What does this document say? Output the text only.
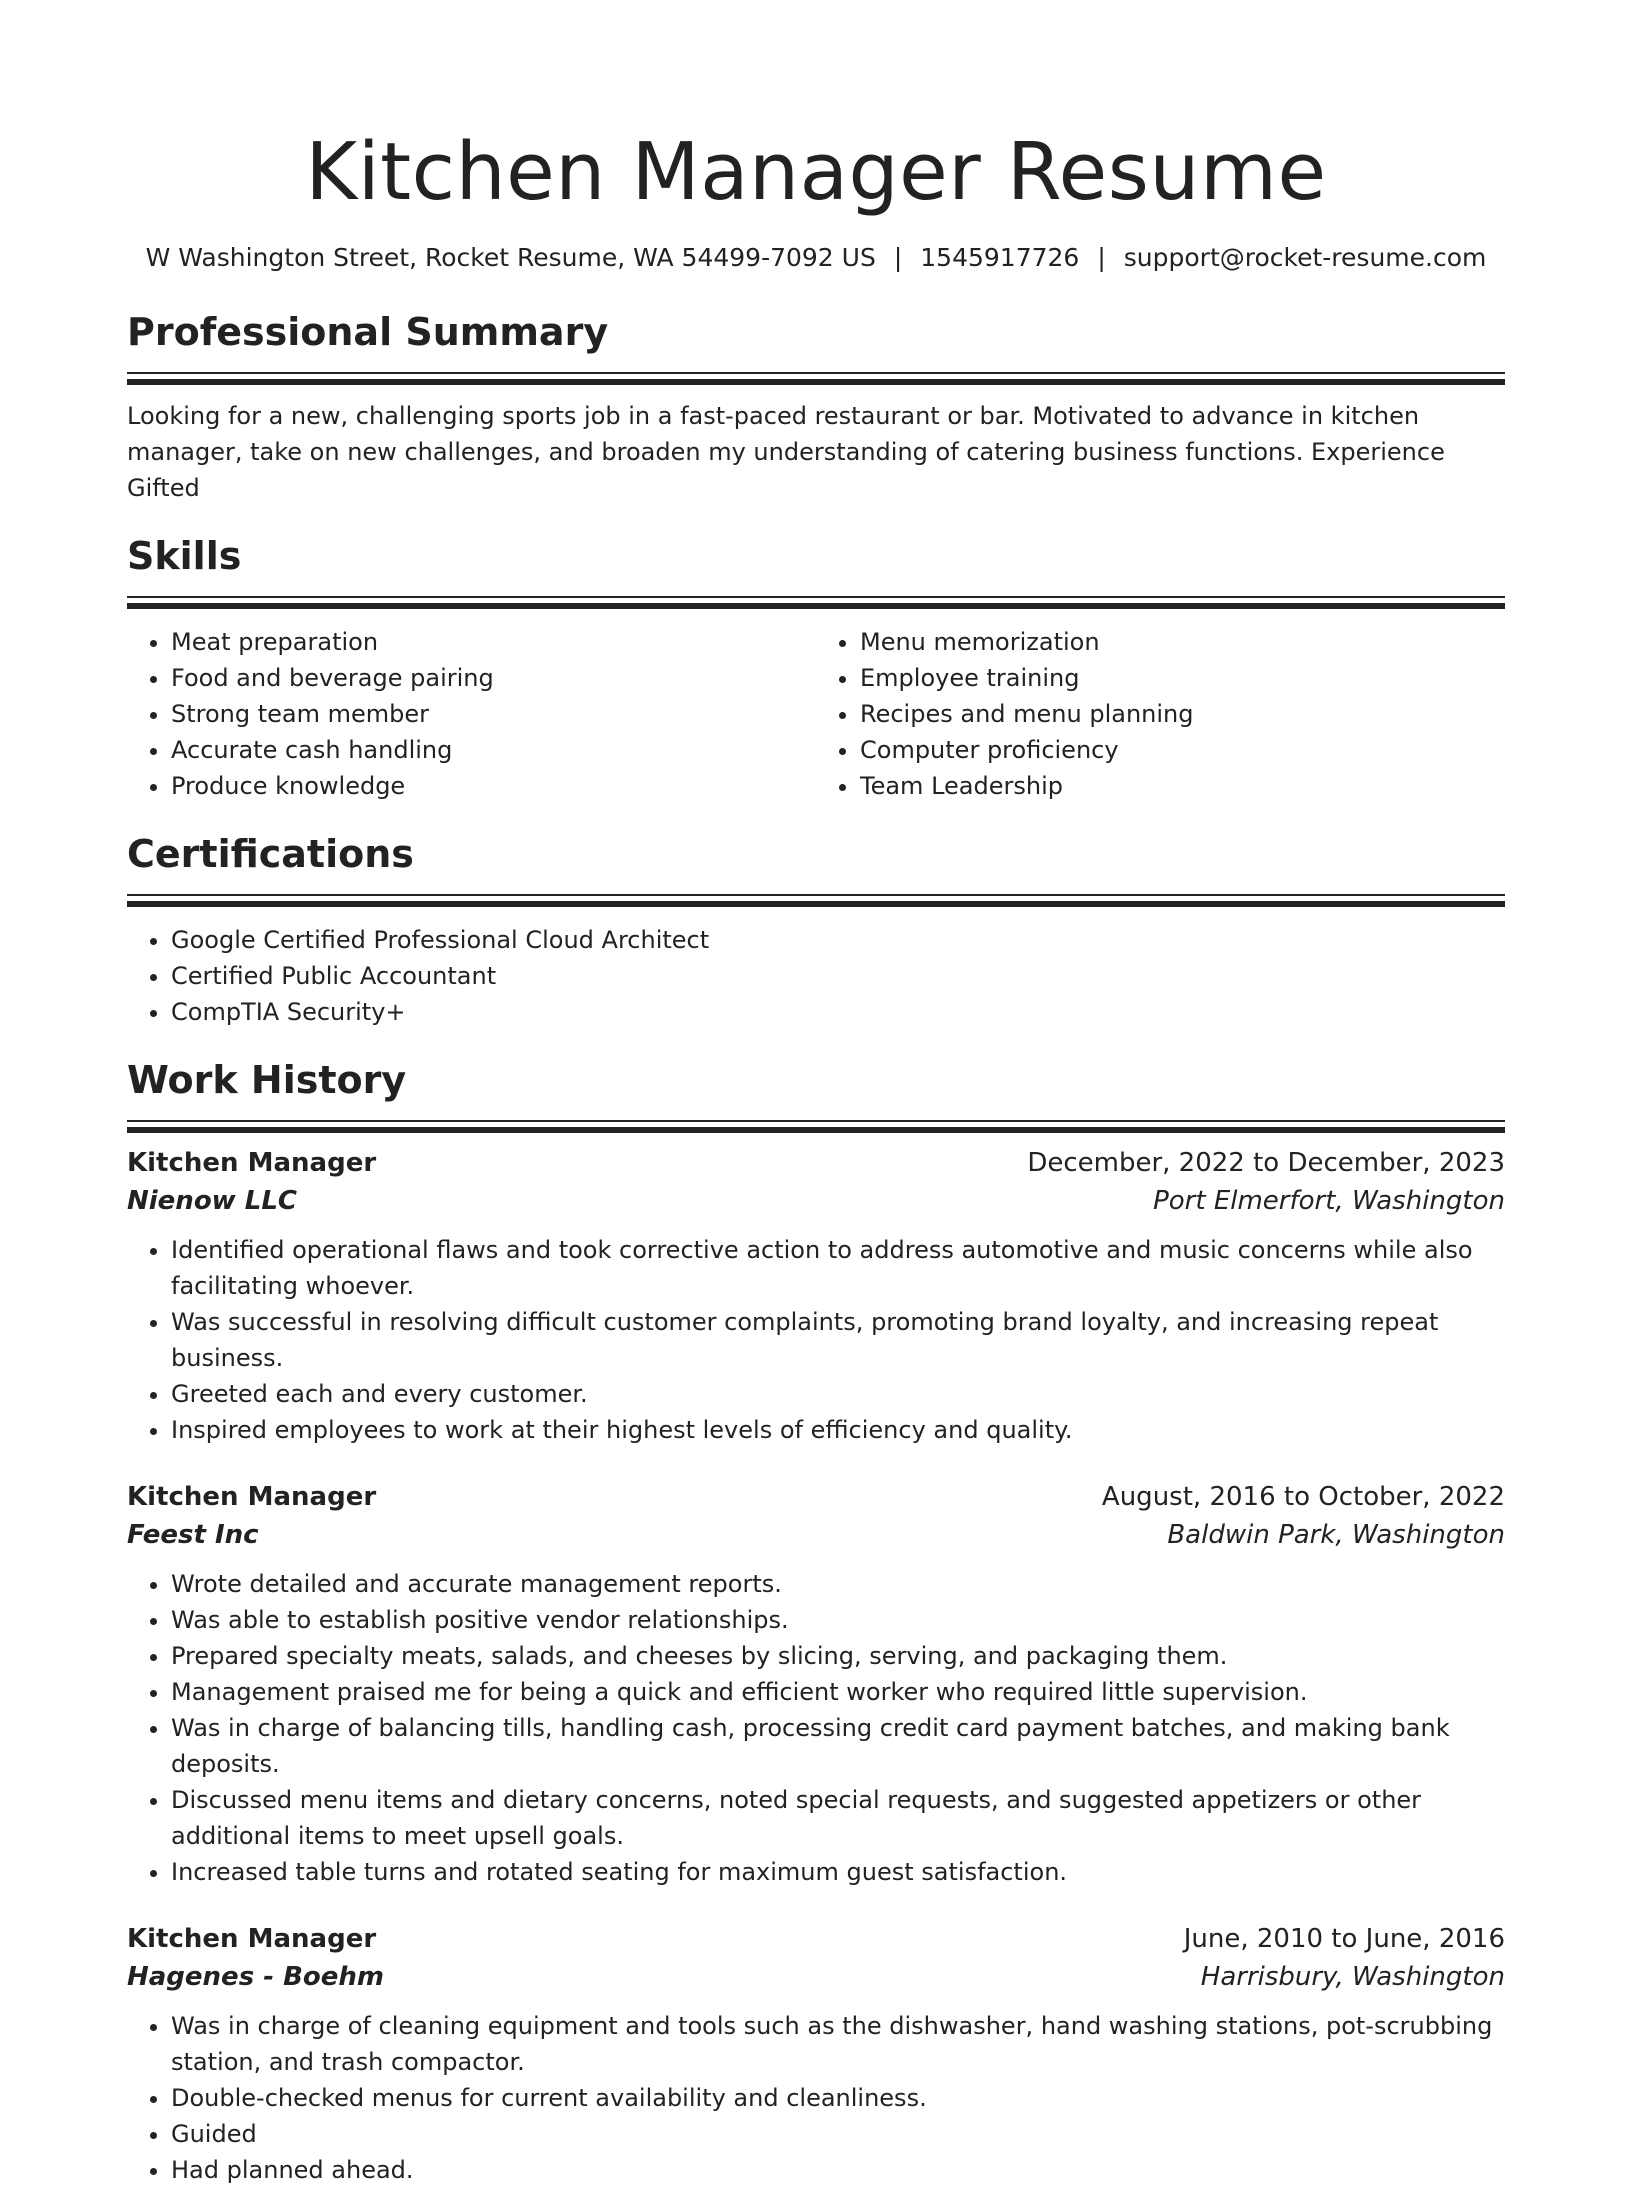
Kitchen Manager Resume
W Washington Street, Rocket Resume, WA 54499-7092 US | 1545917726 | support@rocket-resume.com
Professional Summary

Looking for a new, challenging sports job in a fast-paced restaurant or bar. Motivated to advance in kitchen manager, take on new challenges, and broaden my understanding of catering business functions. Experience Gifted

Skills
• Meat preparation
• Food and beverage pairing
• Strong team member
• Accurate cash handling
• Produce knowledge
• Menu memorization
• Employee training
• Recipes and menu planning
• Computer proficiency
• Team Leadership
Certifications
• Google Certified Professional Cloud Architect
• Certified Public Accountant
• CompTIA Security+
Work History
Kitchen Manager	December, 2022 to December, 2023
Nienow LLC	Port Elmerfort, Washington
• Identified operational flaws and took corrective action to address automotive and music concerns while also facilitating whoever.
• Was successful in resolving difficult customer complaints, promoting brand loyalty, and increasing repeat business.
• Greeted each and every customer.
• Inspired employees to work at their highest levels of efficiency and quality.
Kitchen Manager	August, 2016 to October, 2022
Feest Inc	Baldwin Park, Washington
• Wrote detailed and accurate management reports.
• Was able to establish positive vendor relationships.
• Prepared specialty meats, salads, and cheeses by slicing, serving, and packaging them.
• Management praised me for being a quick and efficient worker who required little supervision.
• Was in charge of balancing tills, handling cash, processing credit card payment batches, and making bank deposits.
• Discussed menu items and dietary concerns, noted special requests, and suggested appetizers or other additional items to meet upsell goals.
• Increased table turns and rotated seating for maximum guest satisfaction.
Kitchen Manager	June, 2010 to June, 2016
Hagenes - Boehm	Harrisbury, Washington
• Was in charge of cleaning equipment and tools such as the dishwasher, hand washing stations, pot-scrubbing station, and trash compactor.
• Double-checked menus for current availability and cleanliness.
• Guided
• Had planned ahead.
